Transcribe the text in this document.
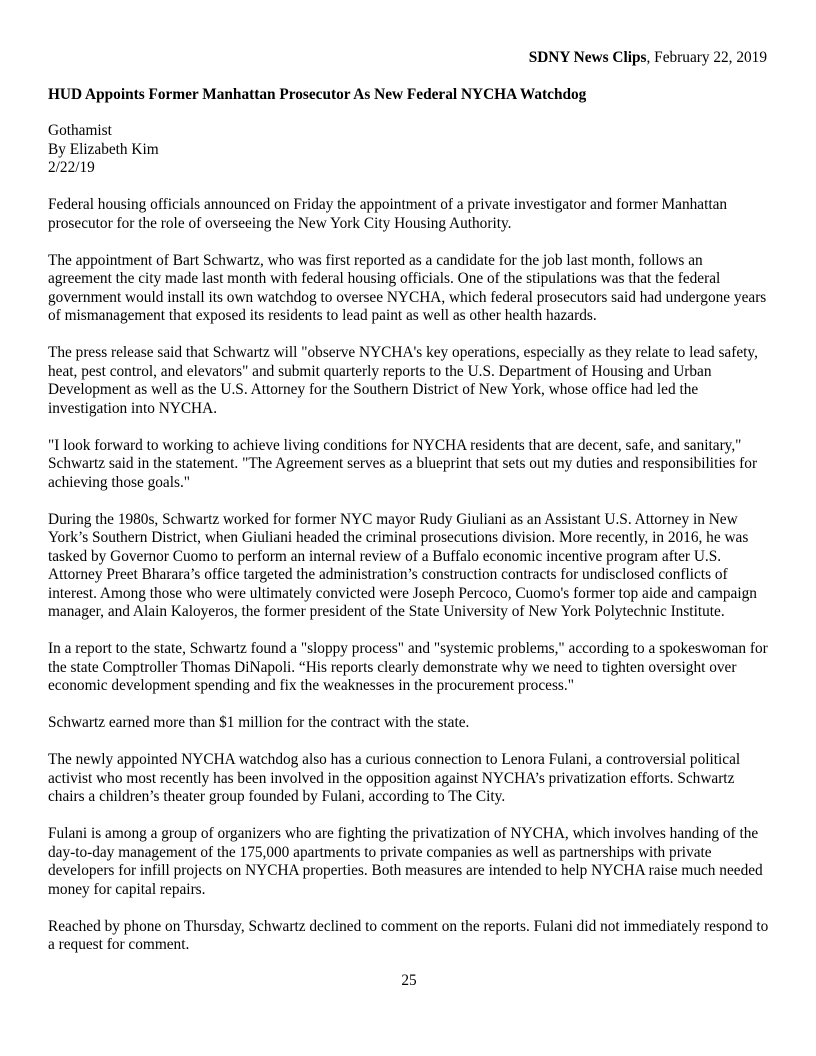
SDNY News Clips, February 22, 2019
HUD Appoints Former Manhattan Prosecutor As New Federal NYCHA Watchdog
Gothamist
By Elizabeth Kim
2/22/19

Federal housing officials announced on Friday the appointment of a private investigator and former Manhattan prosecutor for the role of overseeing the New York City Housing Authority.

The appointment of Bart Schwartz, who was first reported as a candidate for the job last month, follows an agreement the city made last month with federal housing officials. One of the stipulations was that the federal government would install its own watchdog to oversee NYCHA, which federal prosecutors said had undergone years of mismanagement that exposed its residents to lead paint as well as other health hazards.

The press release said that Schwartz will "observe NYCHA's key operations, especially as they relate to lead safety, heat, pest control, and elevators" and submit quarterly reports to the U.S. Department of Housing and Urban Development as well as the U.S. Attorney for the Southern District of New York, whose office had led the investigation into NYCHA.

"I look forward to working to achieve living conditions for NYCHA residents that are decent, safe, and sanitary," Schwartz said in the statement. "The Agreement serves as a blueprint that sets out my duties and responsibilities for achieving those goals."

During the 1980s, Schwartz worked for former NYC mayor Rudy Giuliani as an Assistant U.S. Attorney in New York’s Southern District, when Giuliani headed the criminal prosecutions division. More recently, in 2016, he was tasked by Governor Cuomo to perform an internal review of a Buffalo economic incentive program after U.S. Attorney Preet Bharara’s office targeted the administration’s construction contracts for undisclosed conflicts of interest. Among those who were ultimately convicted were Joseph Percoco, Cuomo's former top aide and campaign manager, and Alain Kaloyeros, the former president of the State University of New York Polytechnic Institute.

In a report to the state, Schwartz found a "sloppy process" and "systemic problems," according to a spokeswoman for the state Comptroller Thomas DiNapoli. “His reports clearly demonstrate why we need to tighten oversight over economic development spending and fix the weaknesses in the procurement process."

Schwartz earned more than $1 million for the contract with the state.

The newly appointed NYCHA watchdog also has a curious connection to Lenora Fulani, a controversial political activist who most recently has been involved in the opposition against NYCHA’s privatization efforts. Schwartz chairs a children’s theater group founded by Fulani, according to The City.

Fulani is among a group of organizers who are fighting the privatization of NYCHA, which involves handing of the day-to-day management of the 175,000 apartments to private companies as well as partnerships with private developers for infill projects on NYCHA properties. Both measures are intended to help NYCHA raise much needed money for capital repairs.

Reached by phone on Thursday, Schwartz declined to comment on the reports. Fulani did not immediately respond to a request for comment.

25
